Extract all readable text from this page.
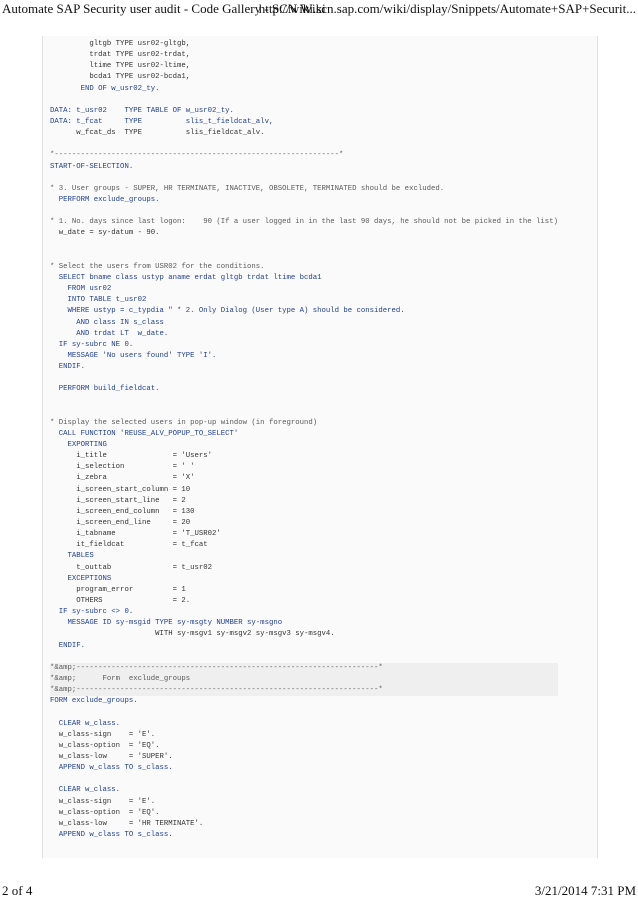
Automate SAP Security user audit - Code Gallery - SCN Wiki
http://wiki.scn.sap.com/wiki/display/Snippets/Automate+SAP+Securit...
gltgb TYPE usr02-gltgb,
trdat TYPE usr02-trdat,
ltime TYPE usr02-ltime,
bcda1 TYPE usr02-bcda1,
END OF w_usr02_ty.

DATA: t_usr02    TYPE TABLE OF w_usr02_ty.
DATA: t_fcat     TYPE          slis_t_fieldcat_alv,
w_fcat_ds  TYPE          slis_fieldcat_alv.

*-----------------------------------------------------------------*
START-OF-SELECTION.

* 3. User groups - SUPER, HR TERMINATE, INACTIVE, OBSOLETE, TERMINATED should be excluded.
PERFORM exclude_groups.

* 1. No. days since last logon:    90 (If a user logged in in the last 90 days, he should not be picked in the list)
w_date = sy-datum - 90.

* Select the users from USR02 for the conditions.
SELECT bname class ustyp aname erdat gltgb trdat ltime bcda1
FROM usr02
INTO TABLE t_usr02
WHERE ustyp = c_typdia " * 2. Only Dialog (User type A) should be considered.
AND class IN s_class
AND trdat LT  w_date.
IF sy-subrc NE 0.
MESSAGE 'No users found' TYPE 'I'.
ENDIF.

PERFORM build_fieldcat.

* Display the selected users in pop-up window (in foreground)
CALL FUNCTION 'REUSE_ALV_POPUP_TO_SELECT'
EXPORTING
i_title               = 'Users'
i_selection           = ' '
i_zebra               = 'X'
i_screen_start_column = 10
i_screen_start_line   = 2
i_screen_end_column   = 130
i_screen_end_line     = 20
i_tabname             = 'T_USR02'
it_fieldcat           = t_fcat
TABLES
t_outtab              = t_usr02
EXCEPTIONS
program_error         = 1
OTHERS                = 2.
IF sy-subrc <> 0.
MESSAGE ID sy-msgid TYPE sy-msgty NUMBER sy-msgno
WITH sy-msgv1 sy-msgv2 sy-msgv3 sy-msgv4.
ENDIF.

*&amp;---------------------------------------------------------------------*
*&amp;      Form  exclude_groups
*&amp;---------------------------------------------------------------------*
FORM exclude_groups.

CLEAR w_class.
w_class-sign    = 'E'.
w_class-option  = 'EQ'.
w_class-low     = 'SUPER'.
APPEND w_class TO s_class.

CLEAR w_class.
w_class-sign    = 'E'.
w_class-option  = 'EQ'.
w_class-low     = 'HR TERMINATE'.
APPEND w_class TO s_class.
2 of 4	3/21/2014 7:31 PM
